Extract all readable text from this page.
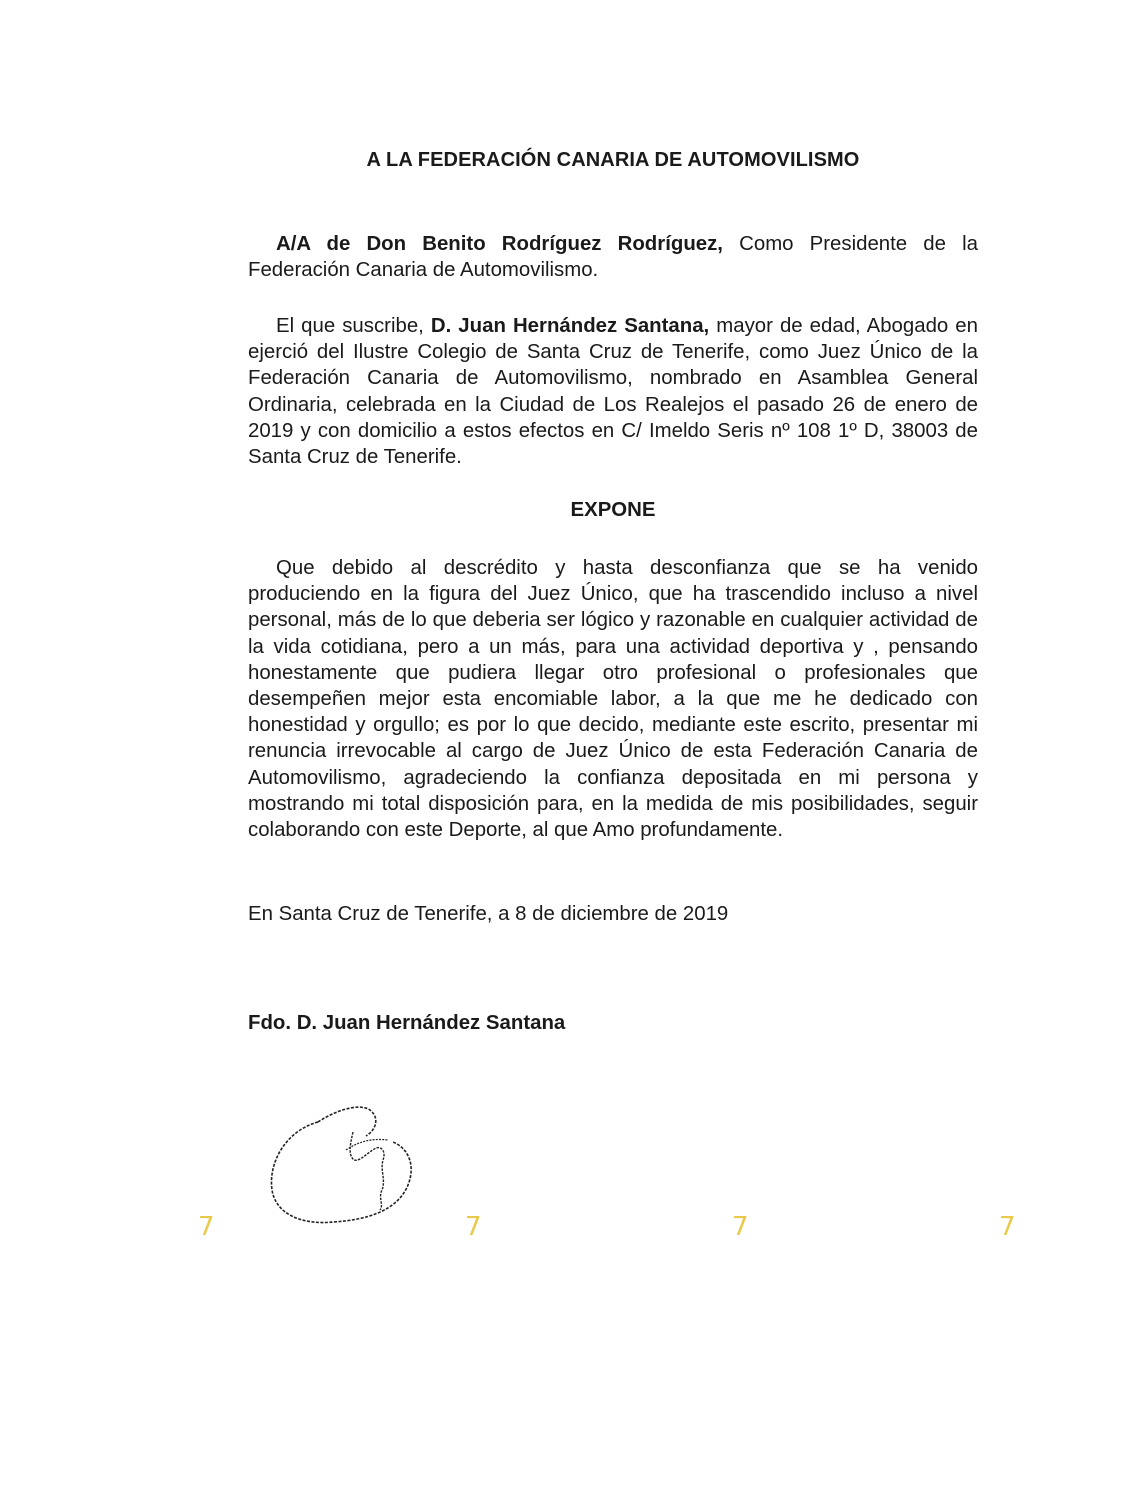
A LA FEDERACIÓN CANARIA DE AUTOMOVILISMO
A/A de Don Benito Rodríguez Rodríguez, Como Presidente de la Federación Canaria de Automovilismo.
El que suscribe, D. Juan Hernández Santana, mayor de edad, Abogado en ejerció del Ilustre Colegio de Santa Cruz de Tenerife, como Juez Único de la Federación Canaria de Automovilismo, nombrado en Asamblea General Ordinaria, celebrada en la Ciudad de Los Realejos el pasado 26 de enero de 2019 y con domicilio a estos efectos en C/ Imeldo Seris nº 108 1º D, 38003 de Santa Cruz de Tenerife.
EXPONE
Que debido al descrédito y hasta desconfianza que se ha venido produciendo en la figura del Juez Único, que ha trascendido incluso a nivel personal, más de lo que deberia ser lógico y razonable en cualquier actividad de la vida cotidiana, pero a un más, para una actividad deportiva y , pensando honestamente que pudiera llegar otro profesional o profesionales que desempeñen mejor esta encomiable labor, a la que me he dedicado con honestidad y orgullo; es por lo que decido, mediante este escrito, presentar mi renuncia irrevocable al cargo de Juez Único de esta Federación Canaria de Automovilismo, agradeciendo la confianza depositada en mi persona y mostrando mi total disposición para, en la medida de mis posibilidades, seguir colaborando con este Deporte, al que Amo profundamente.
En Santa Cruz de Tenerife, a 8 de diciembre de 2019
Fdo. D. Juan Hernández Santana
7	7	7	7
